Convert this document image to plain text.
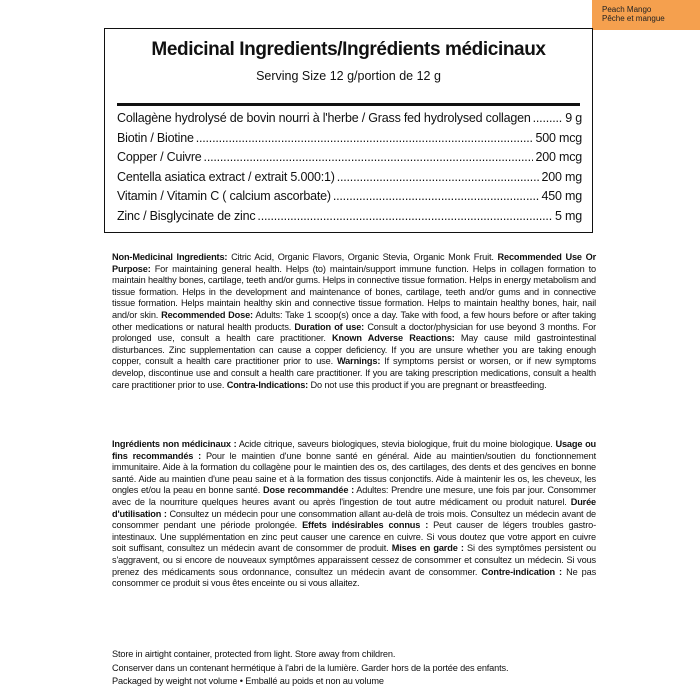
Peach Mango
Pêche et mangue
Medicinal Ingredients/Ingrédients médicinaux
Serving Size 12 g/portion de 12 g
Collagène hydrolysé de bovin nourri à l'herbe / Grass fed hydrolysed collagen .....	9 g
Biotin / Biotine .....	500 mcg
Copper / Cuivre .....	200 mcg
Centella asiatica extract / extrait 5.000:1) .....	200 mg
Vitamin / Vitamin C ( calcium ascorbate) .....	450 mg
Zinc / Bisglycinate de zinc .....	5 mg
Non-Medicinal Ingredients: Citric Acid, Organic Flavors, Organic Stevia, Organic Monk Fruit. Recommended Use Or Purpose: For maintaining general health. Helps (to) maintain/support immune function. Helps in collagen formation to maintain healthy bones, cartilage, teeth and/or gums. Helps in connective tissue formation. Helps in energy metabolism and tissue formation. Helps in the development and maintenance of bones, cartilage, teeth and/or gums and in connective tissue formation. Helps maintain healthy skin and connective tissue formation. Helps to maintain healthy bones, hair, nail and/or skin. Recommended Dose: Adults: Take 1 scoop(s) once a day. Take with food, a few hours before or after taking other medications or natural health products. Duration of use: Consult a doctor/physician for use beyond 3 months. For prolonged use, consult a health care practitioner. Known Adverse Reactions: May cause mild gastrointestinal disturbances. Zinc supplementation can cause a copper deficiency. If you are unsure whether you are taking enough copper, consult a health care practitioner prior to use. Warnings: If symptoms persist or worsen, or if new symptoms develop, discontinue use and consult a health care practitioner. If you are taking prescription medications, consult a health care practitioner prior to use. Contra-Indications: Do not use this product if you are pregnant or breastfeeding.
Ingrédients non médicinaux : Acide citrique, saveurs biologiques, stevia biologique, fruit du moine biologique. Usage ou fins recommandés : Pour le maintien d'une bonne santé en général. Aide au maintien/soutien du fonctionnement immunitaire. Aide à la formation du collagène pour le maintien des os, des cartilages, des dents et des gencives en bonne santé. Aide au maintien d'une peau saine et à la formation des tissus conjonctifs. Aide à maintenir les os, les cheveux, les ongles et/ou la peau en bonne santé. Dose recommandée : Adultes: Prendre une mesure, une fois par jour. Consommer avec de la nourriture quelques heures avant ou après l'ingestion de tout autre médicament ou produit naturel. Durée d'utilisation : Consultez un médecin pour une consommation allant au-delà de trois mois. Consultez un médecin avant de consommer pendant une période prolongée. Effets indésirables connus : Peut causer de légers troubles gastro-intestinaux. Une supplémentation en zinc peut causer une carence en cuivre. Si vous doutez que votre apport en cuivre soit suffisant, consultez un médecin avant de consommer de produit. Mises en garde : Si des symptômes persistent ou s'aggravent, ou si encore de nouveaux symptômes apparaissent cessez de consommer et consultez un médecin. Si vous prenez des médicaments sous ordonnance, consultez un médecin avant de consommer. Contre-indication : Ne pas consommer ce produit si vous êtes enceinte ou si vous allaitez.
Store in airtight container, protected from light. Store away from children.
Conserver dans un contenant hermétique à l'abri de la lumière. Garder hors de la portée des enfants.
Packaged by weight not volume • Emballé au poids et non au volume
